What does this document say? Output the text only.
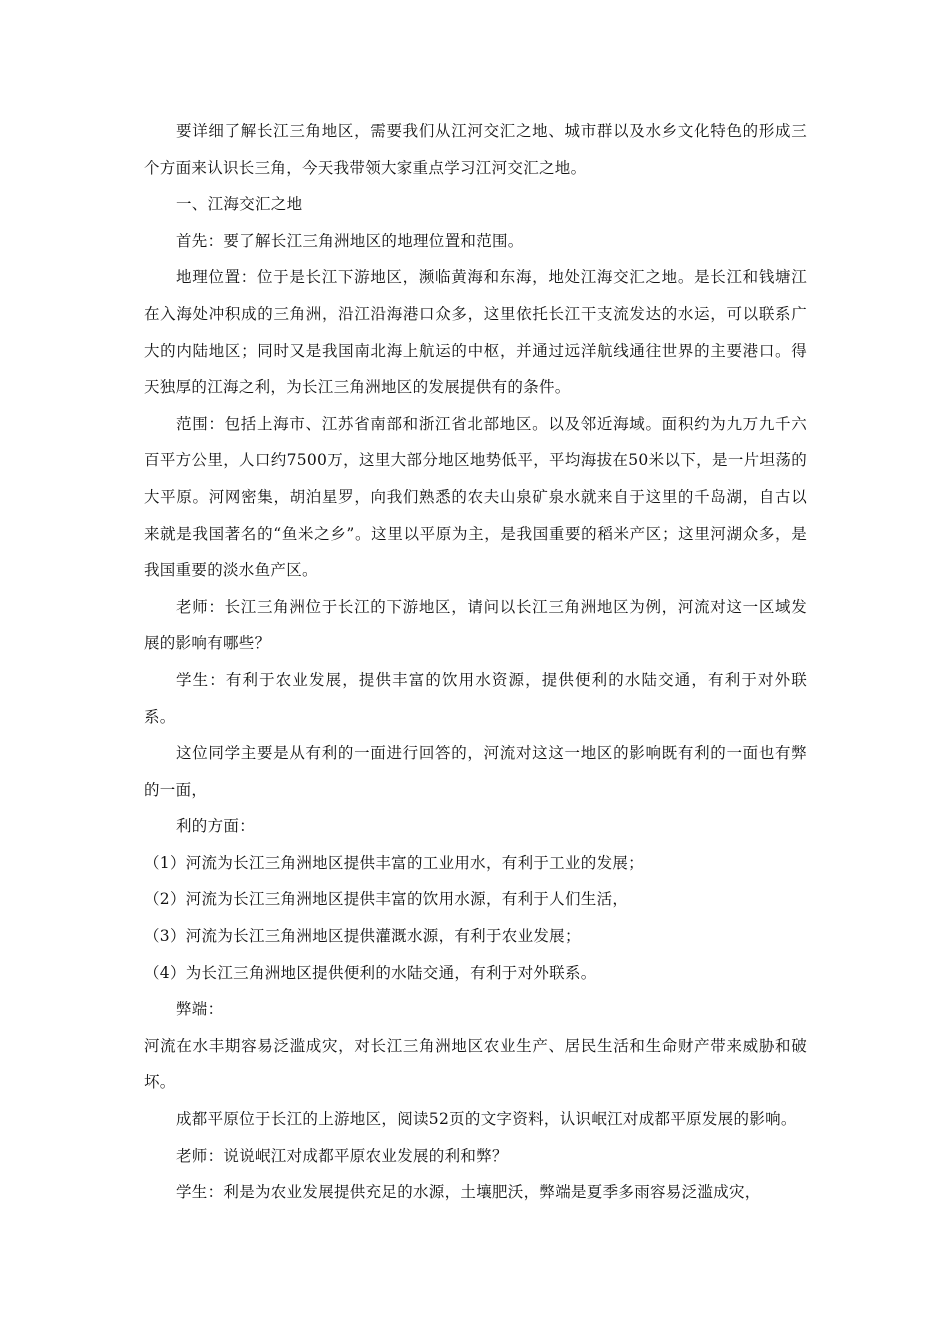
要详细了解长江三角地区，需要我们从江河交汇之地、城市群以及水乡文化特色的形成三个方面来认识长三角，今天我带领大家重点学习江河交汇之地。

一、江海交汇之地

首先：要了解长江三角洲地区的地理位置和范围。

地理位置：位于是长江下游地区，濒临黄海和东海，地处江海交汇之地。是长江和钱塘江在入海处冲积成的三角洲，沿江沿海港口众多，这里依托长江干支流发达的水运，可以联系广大的内陆地区；同时又是我国南北海上航运的中枢，并通过远洋航线通往世界的主要港口。得天独厚的江海之利，为长江三角洲地区的发展提供有的条件。

范围：包括上海市、江苏省南部和浙江省北部地区。以及邻近海域。面积约为九万九千六百平方公里，人口约7500万，这里大部分地区地势低平，平均海拔在50米以下，是一片坦荡的大平原。河网密集，胡泊星罗，向我们熟悉的农夫山泉矿泉水就来自于这里的千岛湖，自古以来就是我国著名的“鱼米之乡”。这里以平原为主，是我国重要的稻米产区；这里河湖众多，是我国重要的淡水鱼产区。

老师：长江三角洲位于长江的下游地区，请问以长江三角洲地区为例，河流对这一区域发展的影响有哪些？

学生：有利于农业发展，提供丰富的饮用水资源，提供便利的水陆交通，有利于对外联系。

这位同学主要是从有利的一面进行回答的，河流对这这一地区的影响既有利的一面也有弊的一面，

利的方面：

（1）河流为长江三角洲地区提供丰富的工业用水，有利于工业的发展；

（2）河流为长江三角洲地区提供丰富的饮用水源，有利于人们生活，

（3）河流为长江三角洲地区提供灌溉水源，有利于农业发展；

（4）为长江三角洲地区提供便利的水陆交通，有利于对外联系。

弊端：

河流在水丰期容易泛滥成灾，对长江三角洲地区农业生产、居民生活和生命财产带来威胁和破坏。

成都平原位于长江的上游地区，阅读52页的文字资料，认识岷江对成都平原发展的影响。

老师：说说岷江对成都平原农业发展的利和弊？

学生：利是为农业发展提供充足的水源，土壤肥沃，弊端是夏季多雨容易泛滥成灾，
